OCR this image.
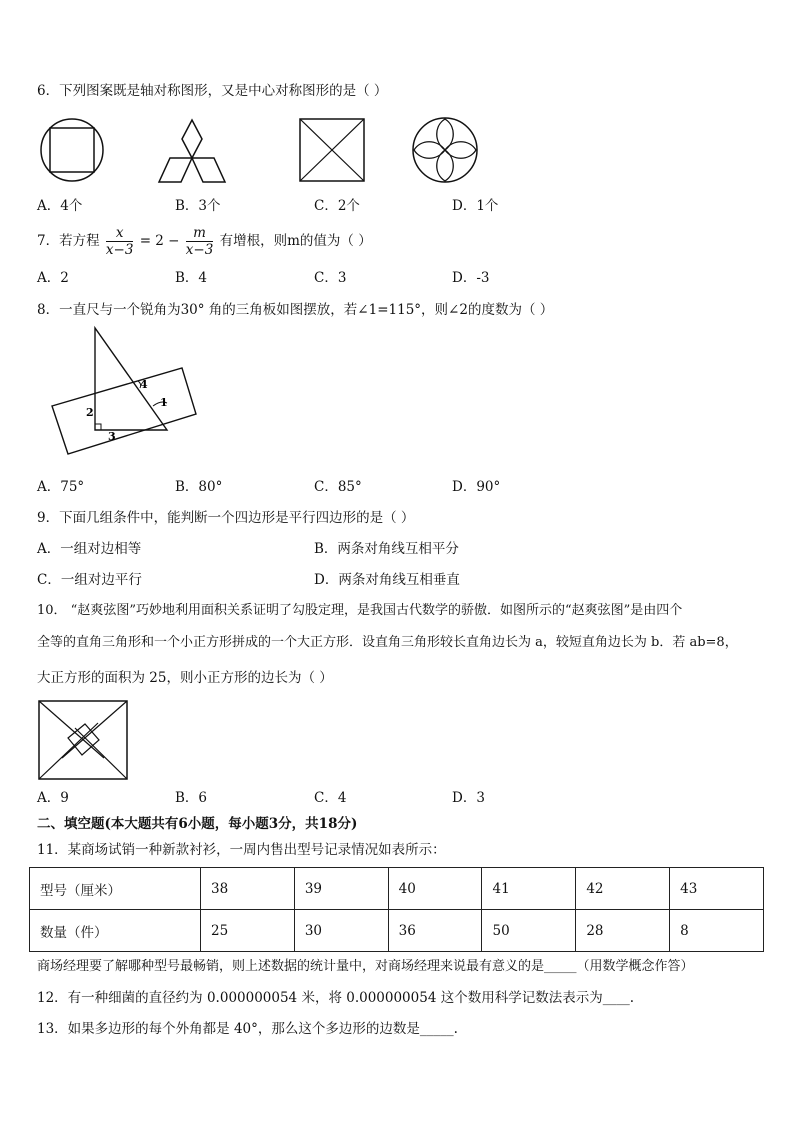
6．下列图案既是轴对称图形，又是中心对称图形的是（ ）
A．4个	B．3个	C．2个	D．1个
7．若方程 $\frac{x}{x-3} = 2 - \frac{m}{x-3}$ 有增根，则m的值为（ ）
A．2	B．4	C．3	D．-3
8．一直尺与一个锐角为30° 角的三角板如图摆放，若∠1=115°，则∠2的度数为（ ）
1
2
3
4
A．75°	B．80°	C．85°	D．90°
9．下面几组条件中，能判断一个四边形是平行四边形的是（ ）
A．一组对边相等	B．两条对角线互相平分
C．一组对边平行	D．两条对角线互相垂直
10． “赵爽弦图”巧妙地利用面积关系证明了勾股定理，是我国古代数学的骄傲．如图所示的“赵爽弦图”是由四个
全等的直角三角形和一个小正方形拼成的一个大正方形．设直角三角形较长直角边长为 a，较短直角边长为 b．若 ab=8，
大正方形的面积为 25，则小正方形的边长为（ ）
A．9	B．6	C．4	D．3
二、填空题(本大题共有6小题，每小题3分，共18分)
11．某商场试销一种新款衬衫，一周内售出型号记录情况如表所示：
型号（厘米）	38	39	40	41	42	43
数量（件）	25	30	36	50	28	8
商场经理要了解哪种型号最畅销，则上述数据的统计量中，对商场经理来说最有意义的是_____（用数学概念作答）
12．有一种细菌的直径约为 0.000000054 米，将 0.000000054 这个数用科学记数法表示为____.
13．如果多边形的每个外角都是 40°，那么这个多边形的边数是_____.
